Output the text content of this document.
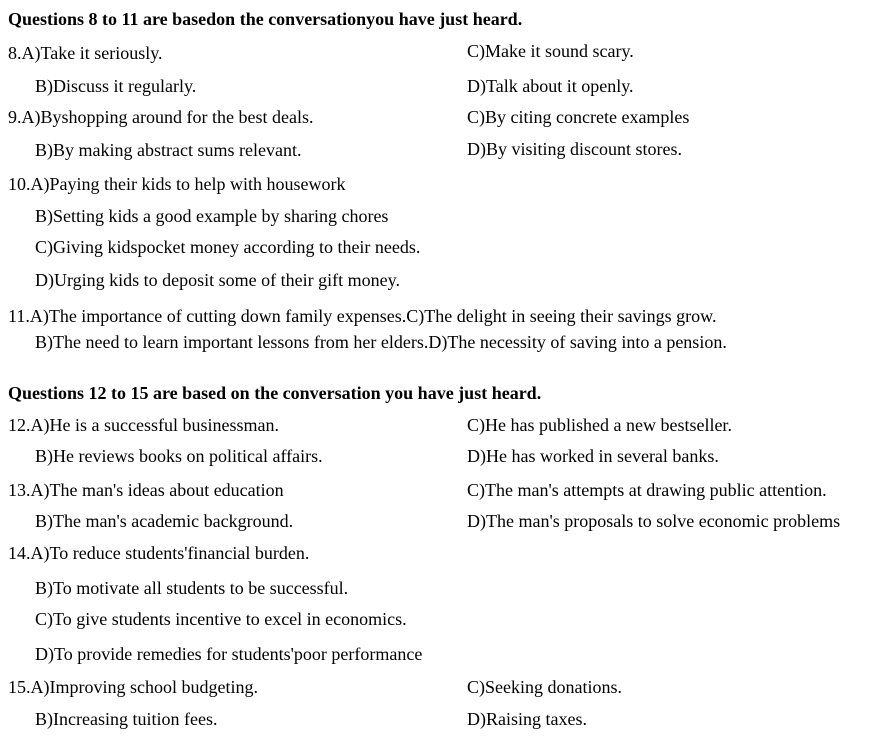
Questions 8 to 11 are basedon the conversationyou have just heard.
8.A)Take it seriously.	C)Make it sound scary.
B)Discuss it regularly.	D)Talk about it openly.
9.A)Byshopping around for the best deals.	C)By citing concrete examples
B)By making abstract sums relevant.	D)By visiting discount stores.
10.A)Paying their kids to help with housework
B)Setting kids a good example by sharing chores
C)Giving kidspocket money according to their needs.
D)Urging kids to deposit some of their gift money.
11.A)The importance of cutting down family expenses.C)The delight in seeing their savings grow.
B)The need to learn important lessons from her elders.D)The necessity of saving into a pension.
Questions 12 to 15 are based on the conversation you have just heard.
12.A)He is a successful businessman.	C)He has published a new bestseller.
B)He reviews books on political affairs.	D)He has worked in several banks.
13.A)The man's ideas about education	C)The man's attempts at drawing public attention.
B)The man's academic background.	D)The man's proposals to solve economic problems
14.A)To reduce students'financial burden.
B)To motivate all students to be successful.
C)To give students incentive to excel in economics.
D)To provide remedies for students'poor performance
15.A)Improving school budgeting.	C)Seeking donations.
B)Increasing tuition fees.	D)Raising taxes.
